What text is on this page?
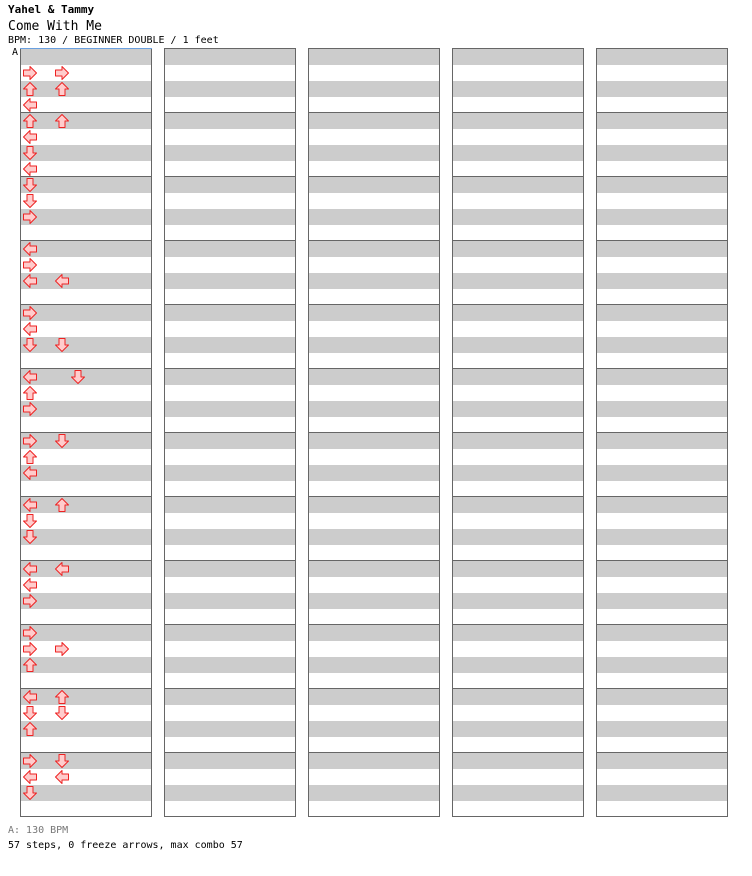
Yahel & Tammy
Come With Me
BPM: 130 / BEGINNER DOUBLE / 1 feet
A
A: 130 BPM
57 steps, 0 freeze arrows, max combo 57
